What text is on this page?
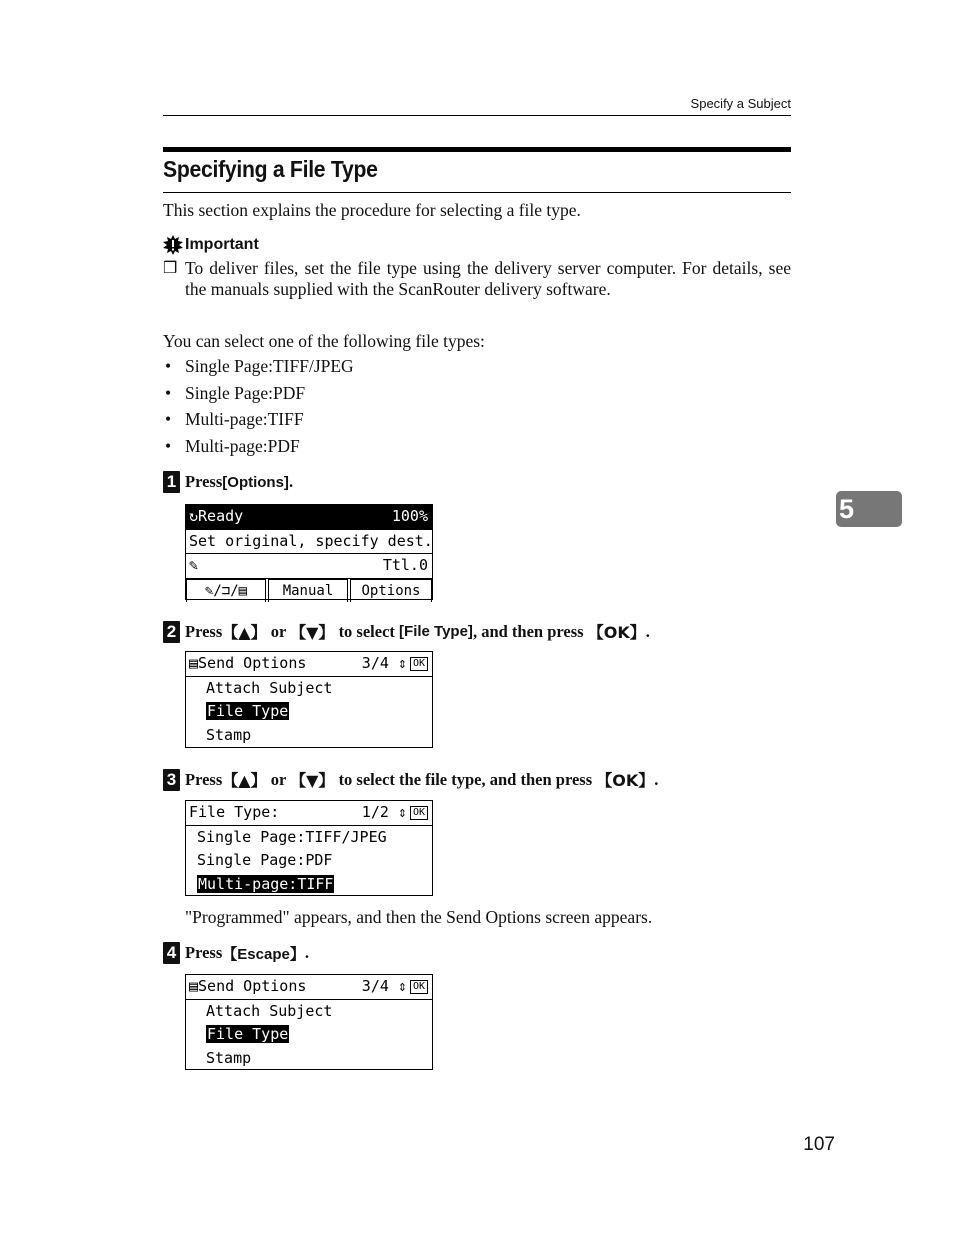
Specify a Subject
Specifying a File Type
This section explains the procedure for selecting a file type.
Important
❒ To deliver files, set the file type using the delivery server computer. For details, see the manuals supplied with the ScanRouter delivery software.
You can select one of the following file types:
• Single Page:TIFF/JPEG
• Single Page:PDF
• Multi-page:TIFF
• Multi-page:PDF
1 Press [Options] .
↻Ready	100%
Set original, specify dest.
✎	Ttl.0
✎/⊐/▤	Manual	Options
2 Press 【▲】 or 【▼】 to select [File Type] , and then press 【OK】 .
▤Send Options	3/4 ⇕ OK
Attach Subject
File Type
Stamp
3 Press 【▲】 or 【▼】 to select the file type, and then press 【OK】 .
File Type:	1/2 ⇕ OK
Single Page:TIFF/JPEG
Single Page:PDF
Multi-page:TIFF
"Programmed" appears, and then the Send Options screen appears.
4 Press 【Escape】 .
▤Send Options	3/4 ⇕ OK
Attach Subject
File Type
Stamp
5
107
